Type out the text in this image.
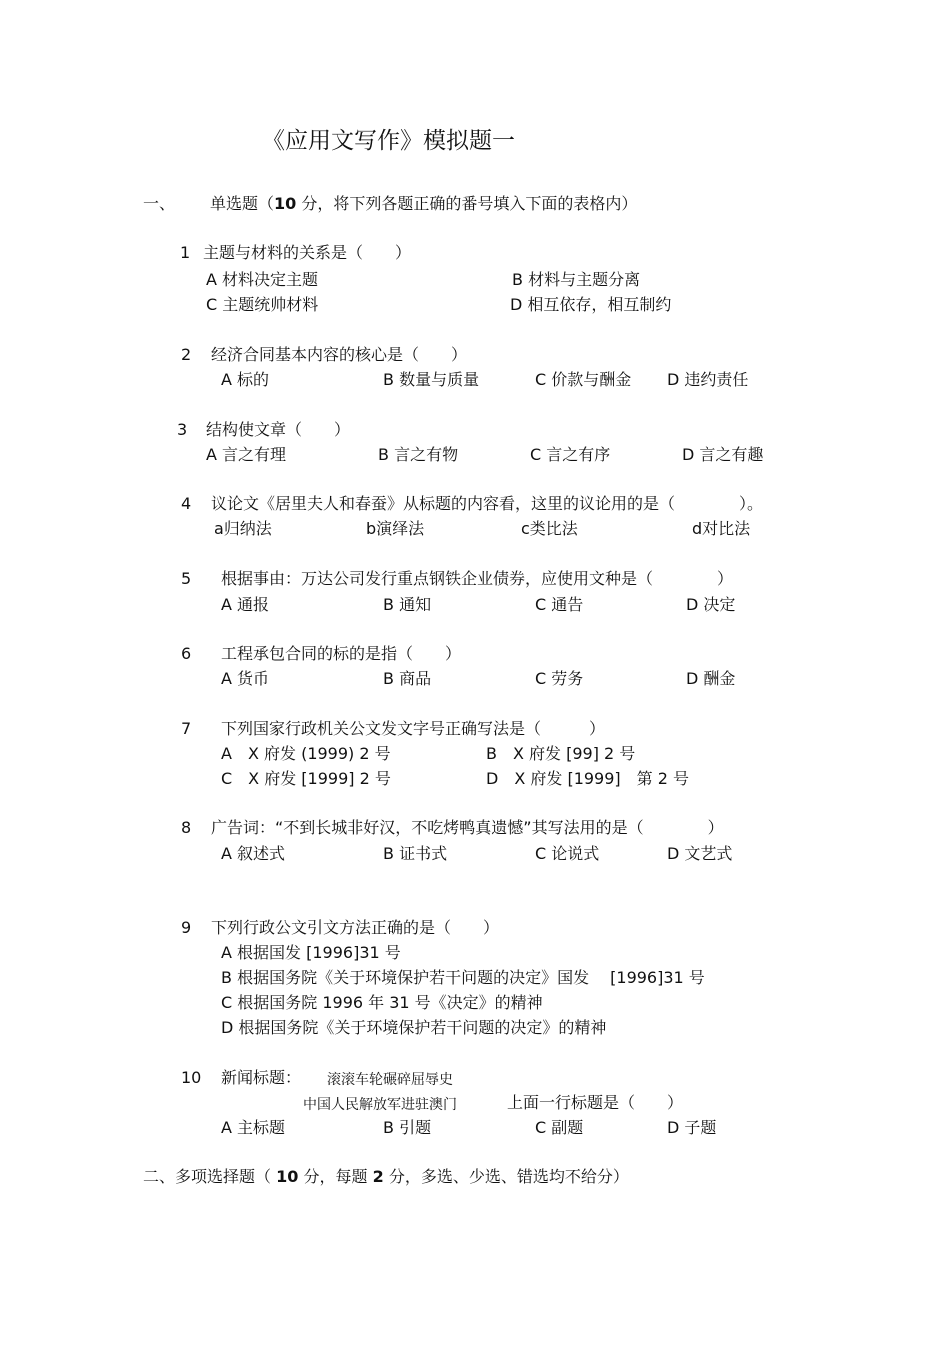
《应用文写作》模拟题一
一、 单选题（10 分，将下列各题正确的番号填入下面的表格内）
1 主题与材料的关系是（　　）
A 材料决定主题	B 材料与主题分离
C 主题统帅材料	D 相互依存，相互制约
2 经济合同基本内容的核心是（　　）
A 标的	B 数量与质量	C 价款与酬金 D 违约责任
3 结构使文章（　　）
A 言之有理	B 言之有物	C 言之有序	D 言之有趣
4 议论文《居里夫人和春蚕》从标题的内容看，这里的议论用的是（　　　　）。
a归纳法	b演绎法	c类比法	d对比法
5 根据事由：万达公司发行重点钢铁企业债券，应使用文种是（　　　　）
A 通报	B 通知	C 通告	D 决定
6 工程承包合同的标的是指（　　）
A 货币	B 商品	C 劳务	D 酬金
7 下列国家行政机关公文发文字号正确写法是（　　　）
A　X 府发 (1999) 2 号	B　X 府发 [99] 2 号
C　X 府发 [1999] 2 号	D　X 府发 [1999]　第 2 号
8 广告词：“不到长城非好汉，不吃烤鸭真遗憾”其写法用的是（　　　　）
A 叙述式	B 证书式	C 论说式	D 文艺式
9 下列行政公文引文方法正确的是（　　）
A 根据国发 [1996]31 号
B 根据国务院《关于环境保护若干问题的决定》国发　 [1996]31 号
C 根据国务院 1996 年 31 号《决定》的精神
D 根据国务院《关于环境保护若干问题的决定》的精神
10 新闻标题： 滚滚车轮碾碎屈辱史
中国人民解放军进驻澳门	上面一行标题是（　　）
A 主标题	B 引题	C 副题	D 子题
二、多项选择题（ 10 分，每题 2 分，多选、少选、错选均不给分）
